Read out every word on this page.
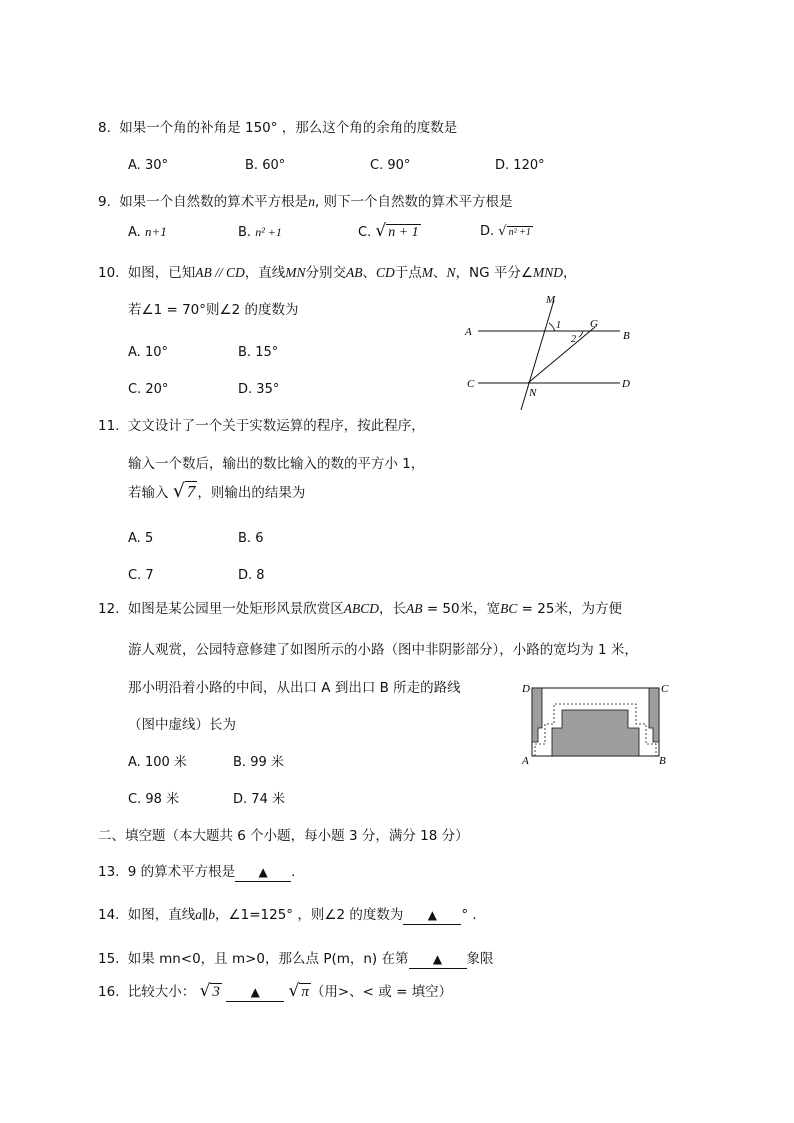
8. 如果一个角的补角是 150° ，那么这个角的余角的度数是
A. 30°	B. 60°	C. 90°	D. 120°
9. 如果一个自然数的算术平方根是n, 则下一个自然数的算术平方根是
A. n+1	B. n² +1	C. √ n + 1	D. √ n² +1
10. 如图，已知AB // CD，直线MN分别交AB、CD于点M、N，NG 平分∠MND，
若∠1 = 70°则∠2 的度数为
A. 10°	B. 15°
C. 20°	D. 35°
M
A	B
C	D
N
G
1
2
11. 文文设计了一个关于实数运算的程序，按此程序，
输入一个数后，输出的数比输入的数的平方小 1，
若输入 √ 7 ，则输出的结果为
A. 5	B. 6
C. 7	D. 8
12. 如图是某公园里一处矩形风景欣赏区ABCD，长AB = 50米，宽BC = 25米，为方便
游人观赏，公园特意修建了如图所示的小路（图中非阴影部分），小路的宽均为 1 米，
那小明沿着小路的中间，从出口 A 到出口 B 所走的路线
（图中虚线）长为
A. 100 米	B. 99 米
C. 98 米	D. 74 米
D	C
A	B
二、填空题（本大题共 6 个小题，每小题 3 分，满分 18 分）
13. 9 的算术平方根是 ▲ .
14. 如图，直线a∥b，∠1=125° ，则∠2 的度数为 ▲ ° .
15. 如果 mn<0，且 m>0，那么点 P(m，n) 在第 ▲ 象限
16. 比较大小： √ 3	▲ √ π （用>、< 或 = 填空）
